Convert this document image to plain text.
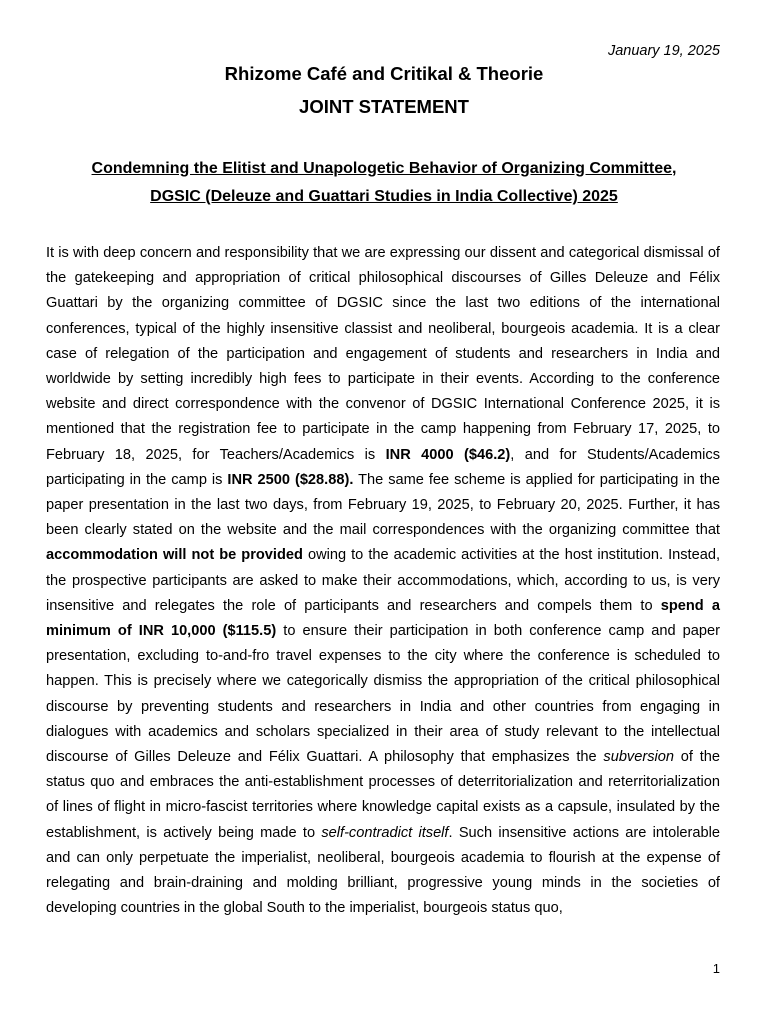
January 19, 2025
Rhizome Café and Critikal & Theorie
JOINT STATEMENT
Condemning the Elitist and Unapologetic Behavior of Organizing Committee,
DGSIC (Deleuze and Guattari Studies in India Collective) 2025

It is with deep concern and responsibility that we are expressing our dissent and categorical dismissal of the gatekeeping and appropriation of critical philosophical discourses of Gilles Deleuze and Félix Guattari by the organizing committee of DGSIC since the last two editions of the international conferences, typical of the highly insensitive classist and neoliberal, bourgeois academia. It is a clear case of relegation of the participation and engagement of students and researchers in India and worldwide by setting incredibly high fees to participate in their events. According to the conference website and direct correspondence with the convenor of DGSIC International Conference 2025, it is mentioned that the registration fee to participate in the camp happening from February 17, 2025, to February 18, 2025, for Teachers/Academics is INR 4000 ($46.2), and for Students/Academics participating in the camp is INR 2500 ($28.88). The same fee scheme is applied for participating in the paper presentation in the last two days, from February 19, 2025, to February 20, 2025. Further, it has been clearly stated on the website and the mail correspondences with the organizing committee that accommodation will not be provided owing to the academic activities at the host institution. Instead, the prospective participants are asked to make their accommodations, which, according to us, is very insensitive and relegates the role of participants and researchers and compels them to spend a minimum of INR 10,000 ($115.5) to ensure their participation in both conference camp and paper presentation, excluding to-and-fro travel expenses to the city where the conference is scheduled to happen. This is precisely where we categorically dismiss the appropriation of the critical philosophical discourse by preventing students and researchers in India and other countries from engaging in dialogues with academics and scholars specialized in their area of study relevant to the intellectual discourse of Gilles Deleuze and Félix Guattari. A philosophy that emphasizes the subversion of the status quo and embraces the anti-establishment processes of deterritorialization and reterritorialization of lines of flight in micro-fascist territories where knowledge capital exists as a capsule, insulated by the establishment, is actively being made to self-contradict itself. Such insensitive actions are intolerable and can only perpetuate the imperialist, neoliberal, bourgeois academia to flourish at the expense of relegating and brain-draining and molding brilliant, progressive young minds in the societies of developing countries in the global South to the imperialist, bourgeois status quo,

1
